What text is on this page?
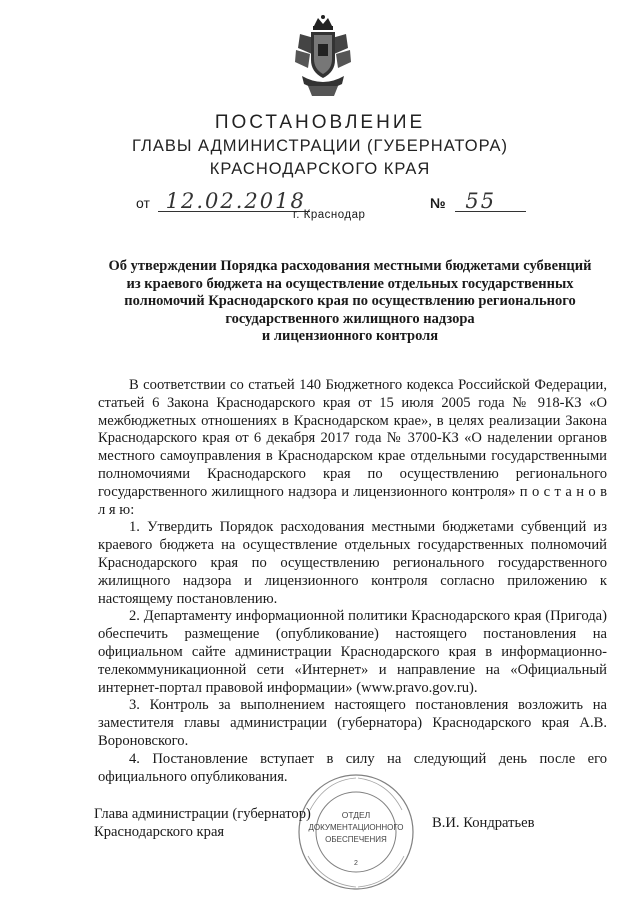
ПОСТАНОВЛЕНИЕ
ГЛАВЫ АДМИНИСТРАЦИИ (ГУБЕРНАТОРА)
КРАСНОДАРСКОГО КРАЯ
от 12.02.2018	№ 55
г. Краснодар
Об утверждении Порядка расходования местными бюджетами субвенций
из краевого бюджета на осуществление отдельных государственных
полномочий Краснодарского края по осуществлению регионального
государственного жилищного надзора
и лицензионного контроля

В соответствии со статьей 140 Бюджетного кодекса Российской Федерации, статьей 6 Закона Краснодарского края от 15 июля 2005 года № 918-КЗ «О межбюджетных отношениях в Краснодарском крае», в целях реализации Закона Краснодарского края от 6 декабря 2017 года № 3700-КЗ «О наделении органов местного самоуправления в Краснодарском крае отдельными государственными полномочиями Краснодарского края по осуществлению регионального государственного жилищного надзора и лицензионного контроля» п о с т а н о в л я ю:

1. Утвердить Порядок расходования местными бюджетами субвенций из краевого бюджета на осуществление отдельных государственных полномочий Краснодарского края по осуществлению регионального государственного жилищного надзора и лицензионного контроля согласно приложению к настоящему постановлению.

2. Департаменту информационной политики Краснодарского края (Пригода) обеспечить размещение (опубликование) настоящего постановления на официальном сайте администрации Краснодарского края в информационно-телекоммуникационной сети «Интернет» и направление на «Официальный интернет-портал правовой информации» (www.pravo.gov.ru).

3. Контроль за выполнением настоящего постановления возложить на заместителя главы администрации (губернатора) Краснодарского края А.В. Вороновского.

4. Постановление вступает в силу на следующий день после его официального опубликования.

Глава администрации (губернатор)
Краснодарского края
В.И. Кондратьев
ОТДЕЛ
ДОКУМЕНТАЦИОННОГО
ОБЕСПЕЧЕНИЯ
2
